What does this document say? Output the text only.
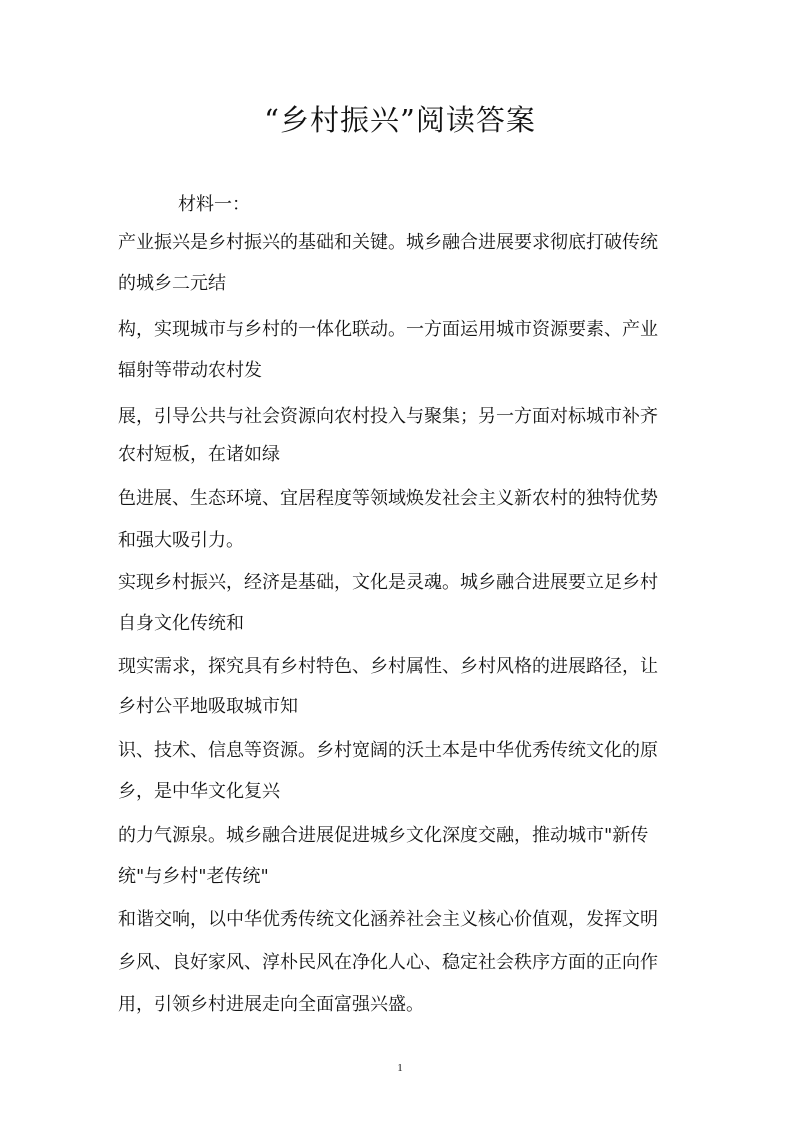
“乡村振兴”阅读答案

材料一：

产业振兴是乡村振兴的基础和关键。城乡融合进展要求彻底打破传统

的城乡二元结

构，实现城市与乡村的一体化联动。一方面运用城市资源要素、产业

辐射等带动农村发

展，引导公共与社会资源向农村投入与聚集；另一方面对标城市补齐

农村短板，在诸如绿

色进展、生态环境、宜居程度等领域焕发社会主义新农村的独特优势

和强大吸引力。

实现乡村振兴，经济是基础，文化是灵魂。城乡融合进展要立足乡村

自身文化传统和

现实需求，探究具有乡村特色、乡村属性、乡村风格的进展路径，让

乡村公平地吸取城市知

识、技术、信息等资源。乡村宽阔的沃土本是中华优秀传统文化的原

乡，是中华文化复兴

的力气源泉。城乡融合进展促进城乡文化深度交融，推动城市"新传

统"与乡村"老传统"

和谐交响，以中华优秀传统文化涵养社会主义核心价值观，发挥文明

乡风、良好家风、淳朴民风在净化人心、稳定社会秩序方面的正向作

用，引领乡村进展走向全面富强兴盛。

1
